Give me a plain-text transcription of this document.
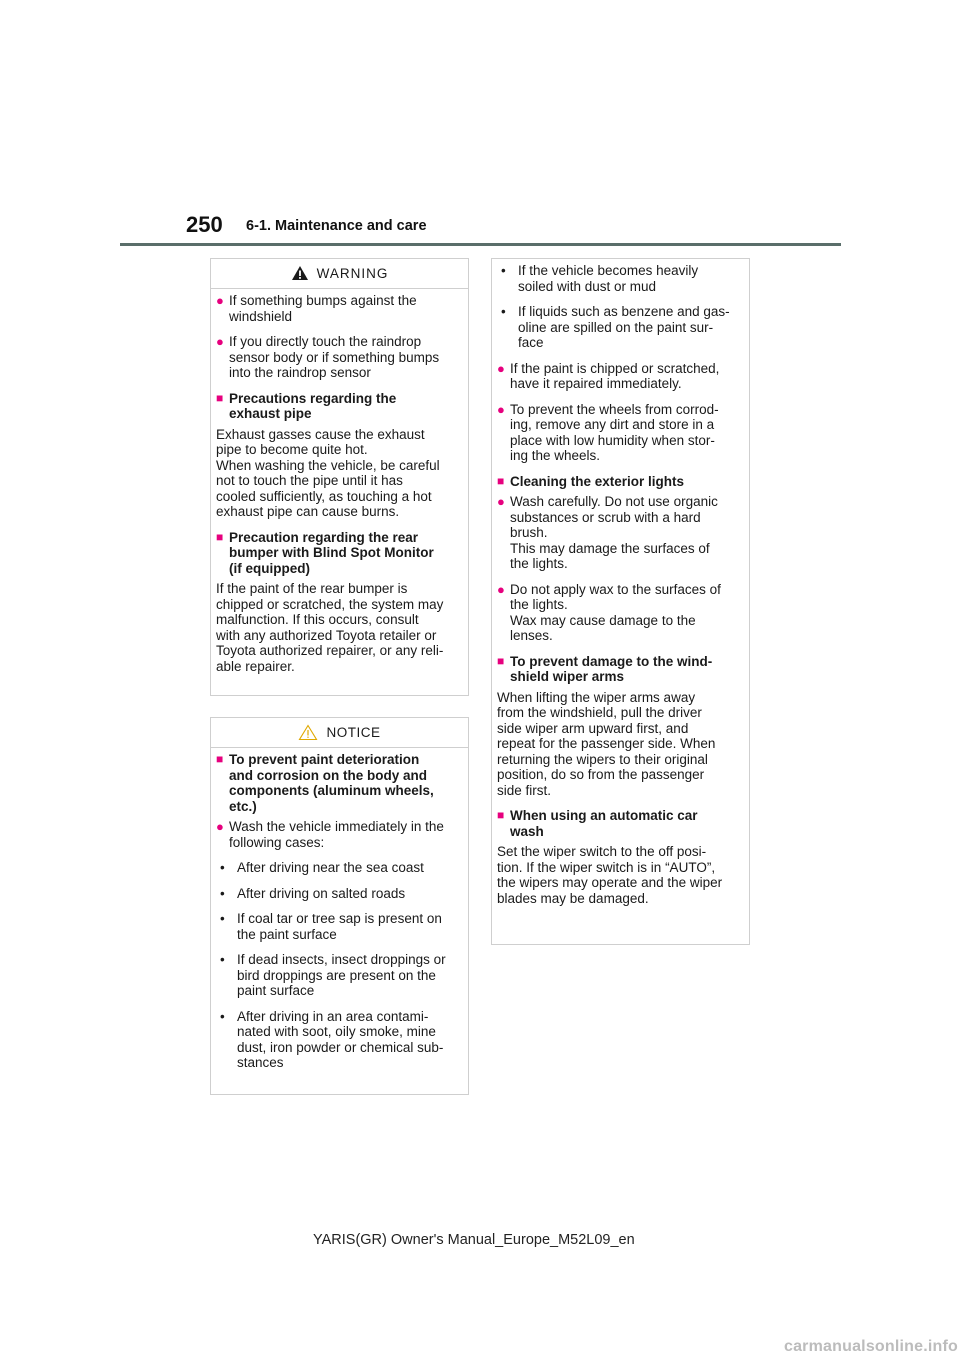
250 6-1. Maintenance and care
WARNING
● If something bumps against the
windshield
● If you directly touch the raindrop
sensor body or if something bumps
into the raindrop sensor
■ Precautions regarding the
exhaust pipe
Exhaust gasses cause the exhaust
pipe to become quite hot.
When washing the vehicle, be careful
not to touch the pipe until it has
cooled sufficiently, as touching a hot
exhaust pipe can cause burns.
■ Precaution regarding the rear
bumper with Blind Spot Monitor
(if equipped)
If the paint of the rear bumper is
chipped or scratched, the system may
malfunction. If this occurs, consult
with any authorized Toyota retailer or
Toyota authorized repairer, or any reli-
able repairer.
NOTICE
■ To prevent paint deterioration
and corrosion on the body and
components (aluminum wheels,
etc.)
● Wash the vehicle immediately in the
following cases:
• After driving near the sea coast
• After driving on salted roads
• If coal tar or tree sap is present on
the paint surface
• If dead insects, insect droppings or
bird droppings are present on the
paint surface
• After driving in an area contami-
nated with soot, oily smoke, mine
dust, iron powder or chemical sub-
stances
• If the vehicle becomes heavily
soiled with dust or mud
• If liquids such as benzene and gas-
oline are spilled on the paint sur-
face
● If the paint is chipped or scratched,
have it repaired immediately.
● To prevent the wheels from corrod-
ing, remove any dirt and store in a
place with low humidity when stor-
ing the wheels.
■ Cleaning the exterior lights
● Wash carefully. Do not use organic
substances or scrub with a hard
brush.
This may damage the surfaces of
the lights.
● Do not apply wax to the surfaces of
the lights.
Wax may cause damage to the
lenses.
■ To prevent damage to the wind-
shield wiper arms
When lifting the wiper arms away
from the windshield, pull the driver
side wiper arm upward first, and
repeat for the passenger side. When
returning the wipers to their original
position, do so from the passenger
side first.
■ When using an automatic car
wash
Set the wiper switch to the off posi-
tion. If the wiper switch is in “AUTO”,
the wipers may operate and the wiper
blades may be damaged.
YARIS(GR) Owner's Manual_Europe_M52L09_en
carmanualsonline.info
